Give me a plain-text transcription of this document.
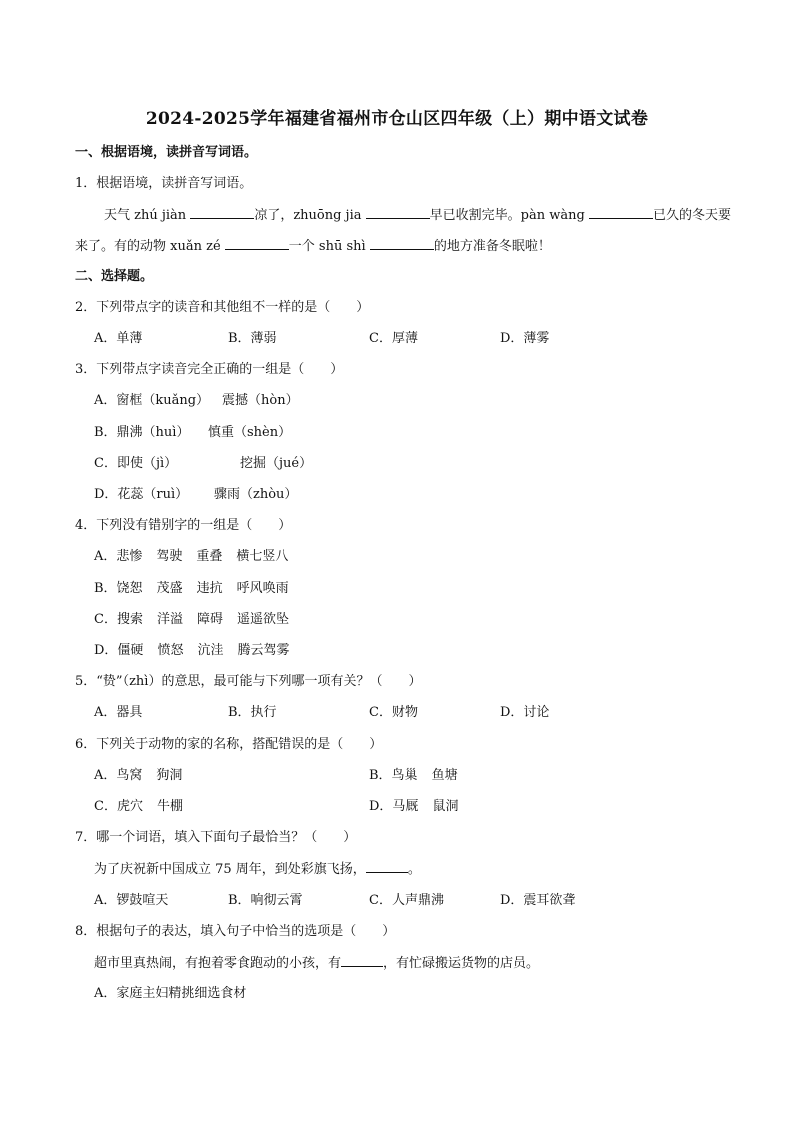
2024-2025学年福建省福州市仓山区四年级（上）期中语文试卷
一、根据语境，读拼音写词语。
1．根据语境，读拼音写词语。
天气 zhú jiàn	凉了，zhuōng jia	早已收割完毕。pàn wàng	已久的冬天要
来了。有的动物 xuǎn zé	一个 shū shì	的地方准备冬眠啦！
二、选择题。
2．下列带点字的读音和其他组不一样的是（ ）
A．单薄	B．薄弱	C．厚薄	D．薄雾
3．下列带点字读音完全正确的一组是（ ）
A．窗框（kuǎng） 震撼（hòn）
B．鼎沸（huì） 慎重（shèn）
C．即使（jì）	挖掘（jué）
D．花蕊（ruì） 骤雨（zhòu）
4．下列没有错别字的一组是（ ）
A．悲惨 驾驶 重叠 横七竖八
B．饶恕 茂盛 违抗 呼风唤雨
C．搜索 洋溢 障碍 遥遥欲坠
D．僵硬 愤怒 沆洼 腾云驾雾
5．“贽”（zhì）的意思，最可能与下列哪一项有关？（ ）
A．器具	B．执行	C．财物	D．讨论
6．下列关于动物的家的名称，搭配错误的是（ ）
A．鸟窝 狗洞	B．鸟巢 鱼塘
C．虎穴 牛棚	D．马厩 鼠洞
7．哪一个词语，填入下面句子最恰当？（ ）
为了庆祝新中国成立 75 周年，到处彩旗飞扬，	。
A．锣鼓喧天	B．响彻云霄	C．人声鼎沸	D．震耳欲聋
8．根据句子的表达，填入句子中恰当的选项是（ ）
超市里真热闹，有抱着零食跑动的小孩，有	，有忙碌搬运货物的店员。
A．家庭主妇精挑细选食材
